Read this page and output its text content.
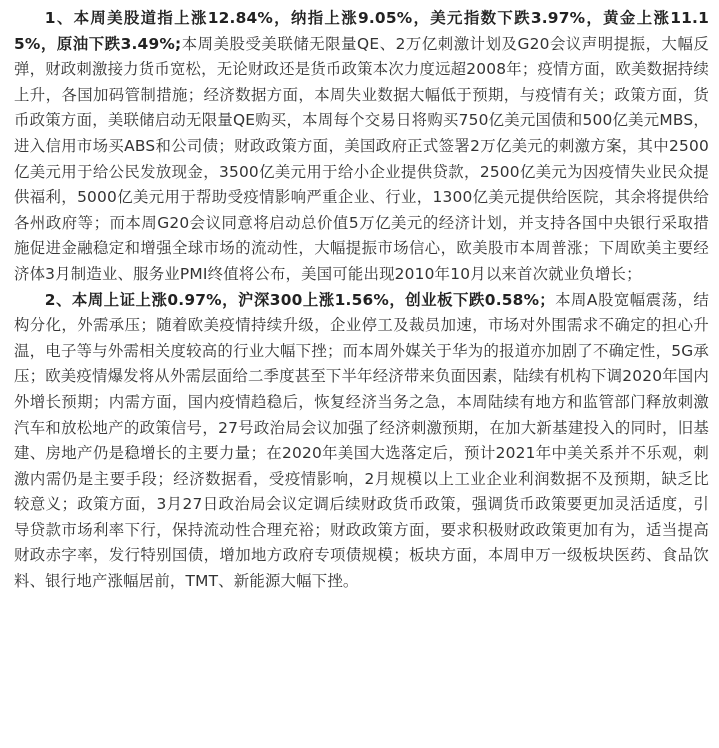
1、本周美股道指上涨12.84%，纳指上涨9.05%，美元指数下跌3.97%，黄金上涨11.15%，原油下跌3.49%;本周美股受美联储无限量QE、2万亿刺激计划及G20会议声明提振，大幅反弹，财政刺激接力货币宽松，无论财政还是货币政策本次力度远超2008年；疫情方面，欧美数据持续上升，各国加码管制措施；经济数据方面，本周失业数据大幅低于预期，与疫情有关；政策方面，货币政策方面，美联储启动无限量QE购买，本周每个交易日将购买750亿美元国债和500亿美元MBS，进入信用市场买ABS和公司债；财政政策方面，美国政府正式签署2万亿美元的刺激方案，其中2500亿美元用于给公民发放现金，3500亿美元用于给小企业提供贷款，2500亿美元为因疫情失业民众提供福利，5000亿美元用于帮助受疫情影响严重企业、行业，1300亿美元提供给医院，其余将提供给各州政府等；而本周G20会议同意将启动总价值5万亿美元的经济计划，并支持各国中央银行采取措施促进金融稳定和增强全球市场的流动性，大幅提振市场信心，欧美股市本周普涨；下周欧美主要经济体3月制造业、服务业PMI终值将公布，美国可能出现2010年10月以来首次就业负增长；

2、本周上证上涨0.97%，沪深300上涨1.56%，创业板下跌0.58%；本周A股宽幅震荡，结构分化，外需承压；随着欧美疫情持续升级，企业停工及裁员加速，市场对外围需求不确定的担心升温，电子等与外需相关度较高的行业大幅下挫；而本周外媒关于华为的报道亦加剧了不确定性，5G承压；欧美疫情爆发将从外需层面给二季度甚至下半年经济带来负面因素，陆续有机构下调2020年国内外增长预期；内需方面，国内疫情趋稳后，恢复经济当务之急，本周陆续有地方和监管部门释放刺激汽车和放松地产的政策信号，27号政治局会议加强了经济刺激预期，在加大新基建投入的同时，旧基建、房地产仍是稳增长的主要力量；在2020年美国大选落定后，预计2021年中美关系并不乐观，刺激内需仍是主要手段；经济数据看，受疫情影响，2月规模以上工业企业利润数据不及预期，缺乏比较意义；政策方面，3月27日政治局会议定调后续财政货币政策，强调货币政策要更加灵活适度，引导贷款市场利率下行，保持流动性合理充裕；财政政策方面，要求积极财政政策更加有为，适当提高财政赤字率，发行特别国债，增加地方政府专项债规模；板块方面，本周申万一级板块医药、食品饮料、银行地产涨幅居前，TMT、新能源大幅下挫。
